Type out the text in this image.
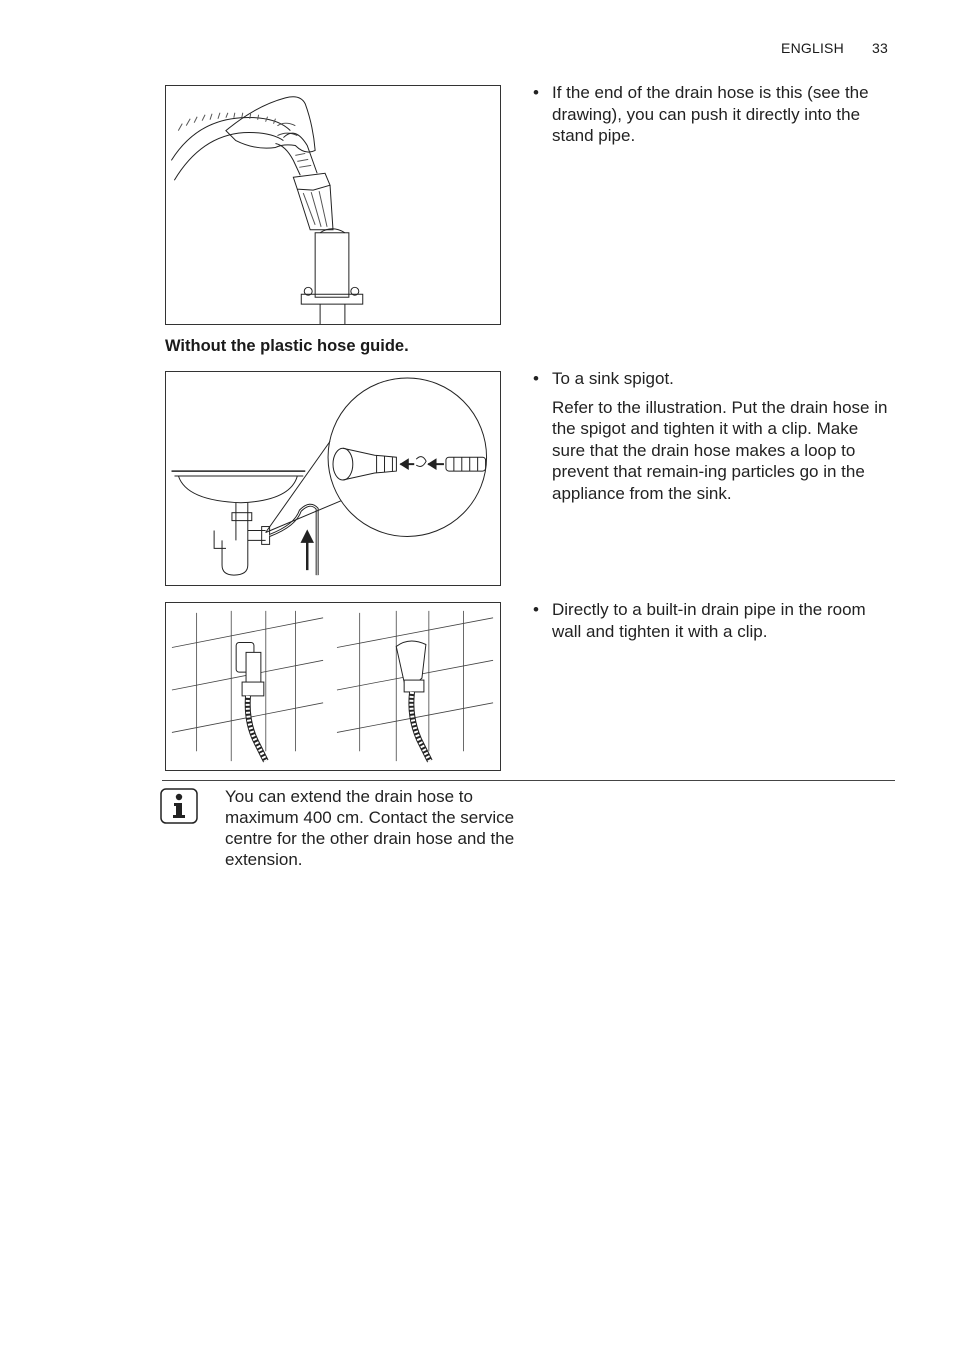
ENGLISH 33
Without the plastic hose guide.
• If the end of the drain hose is this (see the drawing), you can push it directly into the stand pipe.
• To a sink spigot.
Refer to the illustration. Put the drain hose in the spigot and tighten it with a clip. Make sure that the drain hose makes a loop to prevent that remain-ing particles go in the appliance from the sink.
• Directly to a built-in drain pipe in the room wall and tighten it with a clip.
You can extend the drain hose to maximum 400 cm. Contact the service centre for the other drain hose and the extension.
